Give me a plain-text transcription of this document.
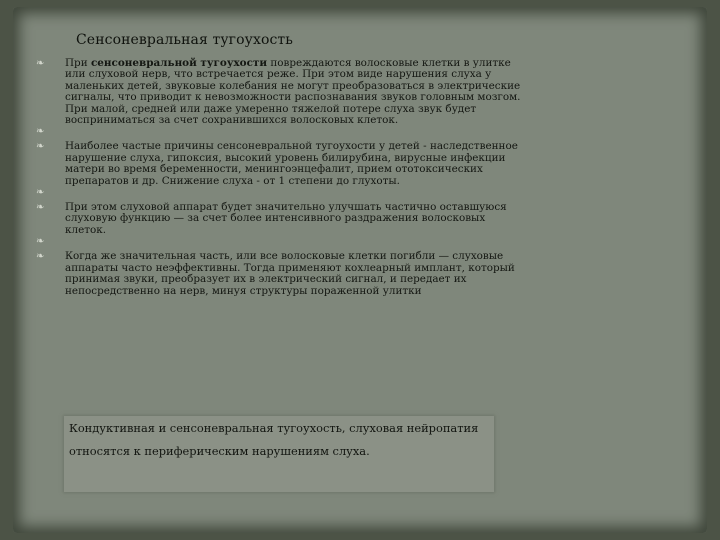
Сенсоневральная тугоухость
❧ При сенсоневральной тугоухости повреждаются волосковые клетки в улитке или слуховой нерв, что встречается реже. При этом виде нарушения слуха у маленьких детей, звуковые колебания не могут преобразоваться в электрические сигналы, что приводит к невозможности распознавания звуков головным мозгом. При малой, средней или даже умеренно тяжелой потере слуха звук будет восприниматься за счет сохранившихся волосковых клеток.
❧
❧ Наиболее частые причины сенсоневральной тугоухости у детей - наследственное нарушение слуха, гипоксия, высокий уровень билирубина, вирусные инфекции матери во время беременности, менингоэнцефалит, прием ототоксических препаратов и др. Снижение слуха - от 1 степени до глухоты.
❧
❧ При этом слуховой аппарат будет значительно улучшать частично оставшуюся слуховую функцию — за счет более интенсивного раздражения волосковых клеток.
❧
❧ Когда же значительная часть, или все волосковые клетки погибли — слуховые аппараты часто неэффективны. Тогда применяют кохлеарный имплант, который принимая звуки, преобразует их в электрический сигнал, и передает их непосредственно на нерв, минуя структуры пораженной улитки
Кондуктивная и сенсоневральная тугоухость, слуховая нейропатия относятся к периферическим нарушениям слуха.
